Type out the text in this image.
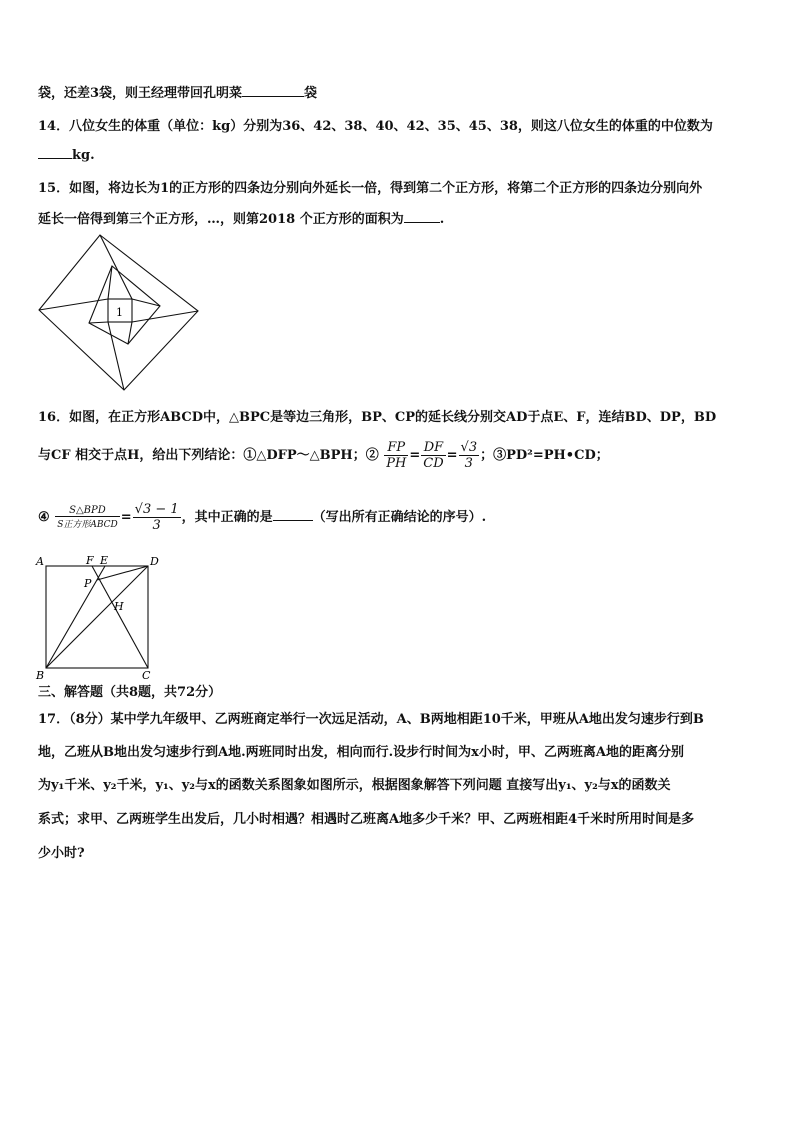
袋，还差3袋，则王经理带回孔明菜	袋
14．八位女生的体重（单位：kg）分别为36、42、38、40、42、35、45、38，则这八位女生的体重的中位数为
kg.
15．如图，将边长为1的正方形的四条边分别向外延长一倍，得到第二个正方形，将第二个正方形的四条边分别向外
延长一倍得到第三个正方形，…，则第2018 个正方形的面积为	.
1
16．如图，在正方形ABCD中，△BPC是等边三角形，BP、CP的延长线分别交AD于点E、F，连结BD、DP，BD
与CF 相交于点H，给出下列结论：①△DFP～△BPH；② $\frac{FP}{PH} = \frac{DF}{CD} = \frac{√3}{3}$ ；③PD²=PH•CD；
④ $\frac{\text{S△BPD}}{\text{S正方形ABCD}} = \frac{√3 - 1}{3}$ ，其中正确的是	（写出所有正确结论的序号）.
A	D
B	C
F E
P
H
三、解答题（共8题，共72分）
17．（8分）某中学九年级甲、乙两班商定举行一次远足活动，A、B两地相距10千米，甲班从A地出发匀速步行到B
地，乙班从B地出发匀速步行到A地.两班同时出发，相向而行.设步行时间为x小时，甲、乙两班离A地的距离分别
为y₁千米、y₂千米，y₁、y₂与x的函数关系图象如图所示，根据图象解答下列问题 直接写出y₁、y₂与x的函数关
系式；求甲、乙两班学生出发后，几小时相遇？相遇时乙班离A地多少千米？甲、乙两班相距4千米时所用时间是多
少小时?
